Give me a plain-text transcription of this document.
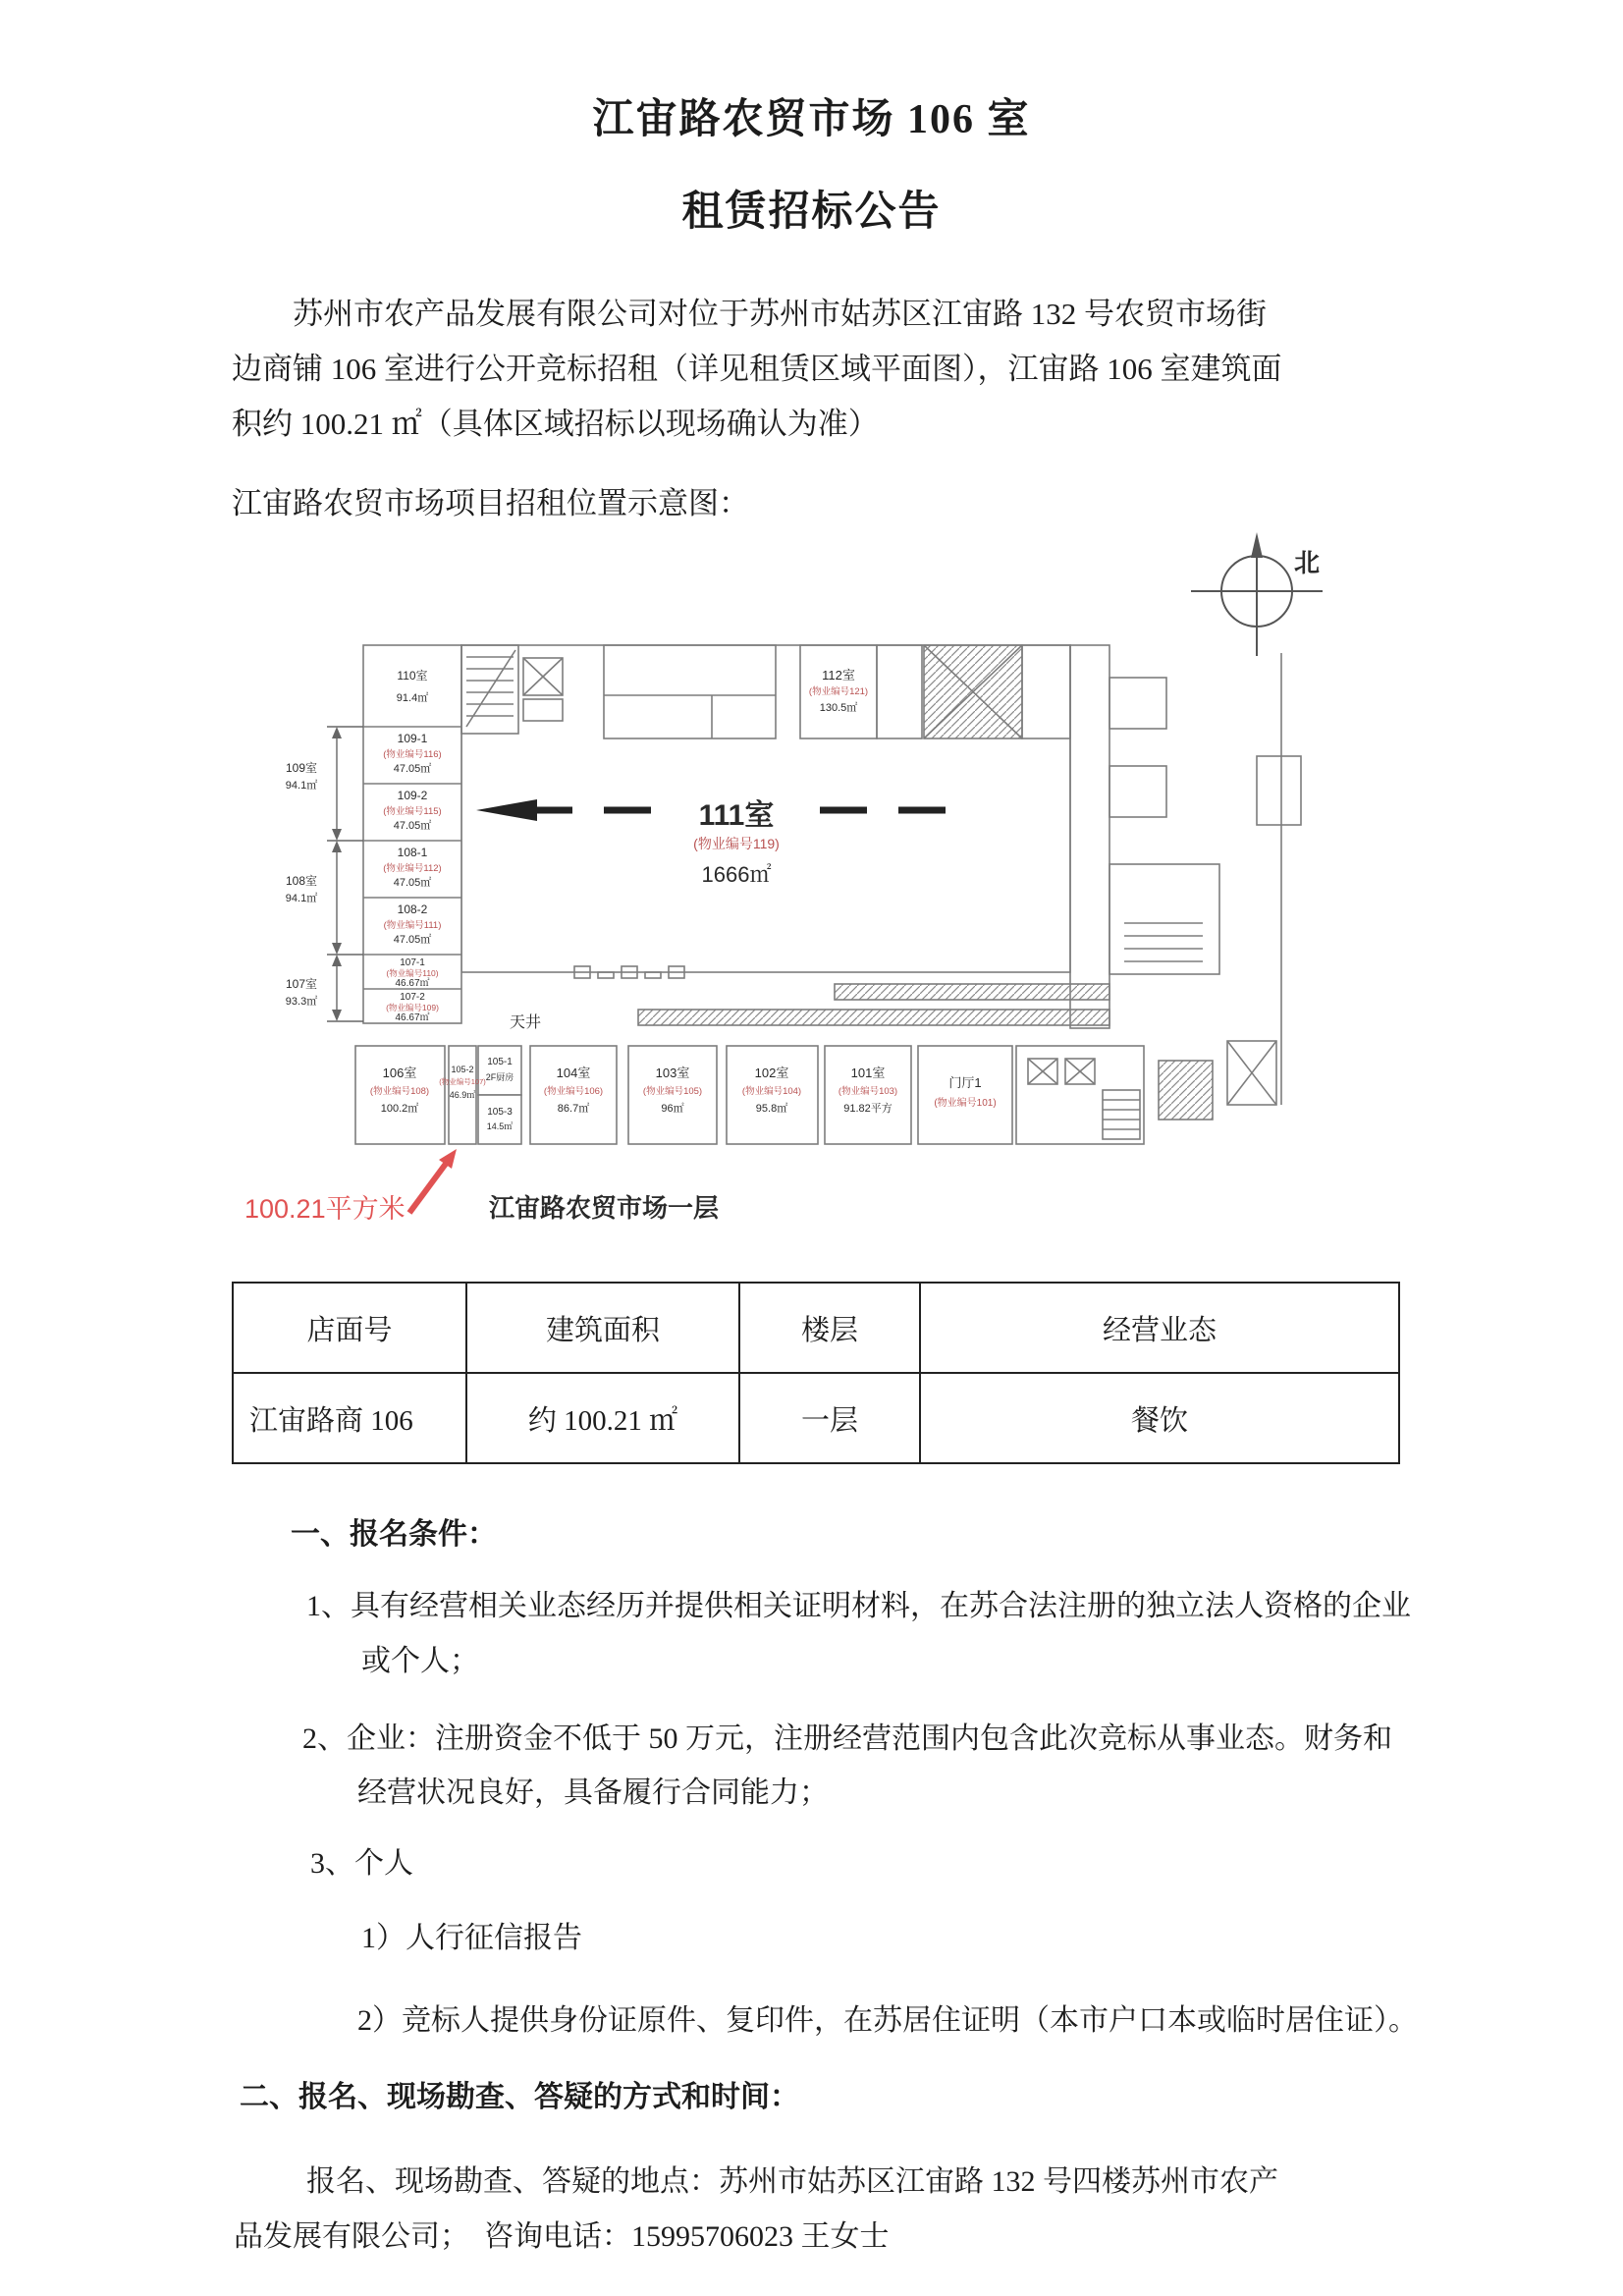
江宙路农贸市场 106 室
租赁招标公告
苏州市农产品发展有限公司对位于苏州市姑苏区江宙路 132 号农贸市场街
边商铺 106 室进行公开竞标招租（详见租赁区域平面图），江宙路 106 室建筑面
积约 100.21 ㎡（具体区域招标以现场确认为准）
江宙路农贸市场项目招租位置示意图：
北
109室
94.1㎡
108室
94.1㎡
107室
93.3㎡
110室
91.4㎡
109-1
(物业编号116)
47.05㎡
109-2
(物业编号115)
47.05㎡
108-1
(物业编号112)
47.05㎡
108-2
(物业编号111)
47.05㎡
107-1
(物业编号110)
46.67㎡
107-2
(物业编号109)
46.67㎡
112室
(物业编号121)
130.5㎡
111室
(物业编号119)
1666㎡
天井
106室
(物业编号108)
100.2㎡
105-2
(物业编号107)
46.9㎡
105-1
2F厨房
105-3
14.5㎡
104室
(物业编号106)
86.7㎡
103室
(物业编号105)
96㎡
102室
(物业编号104)
95.8㎡
101室
(物业编号103)
91.82平方
门厅1
(物业编号101)
100.21平方米	江宙路农贸市场一层
店面号	建筑面积	楼层	经营业态
江宙路商 106	约 100.21 ㎡	一层	餐饮
一、报名条件：
1、具有经营相关业态经历并提供相关证明材料，在苏合法注册的独立法人资格的企业
或个人；
2、企业：注册资金不低于 50 万元，注册经营范围内包含此次竞标从事业态。财务和
经营状况良好，具备履行合同能力；
3、个人
1）人行征信报告
2）竞标人提供身份证原件、复印件，在苏居住证明（本市户口本或临时居住证）。
二、报名、现场勘查、答疑的方式和时间：
报名、现场勘查、答疑的地点：苏州市姑苏区江宙路 132 号四楼苏州市农产
品发展有限公司；　咨询电话：15995706023 王女士
